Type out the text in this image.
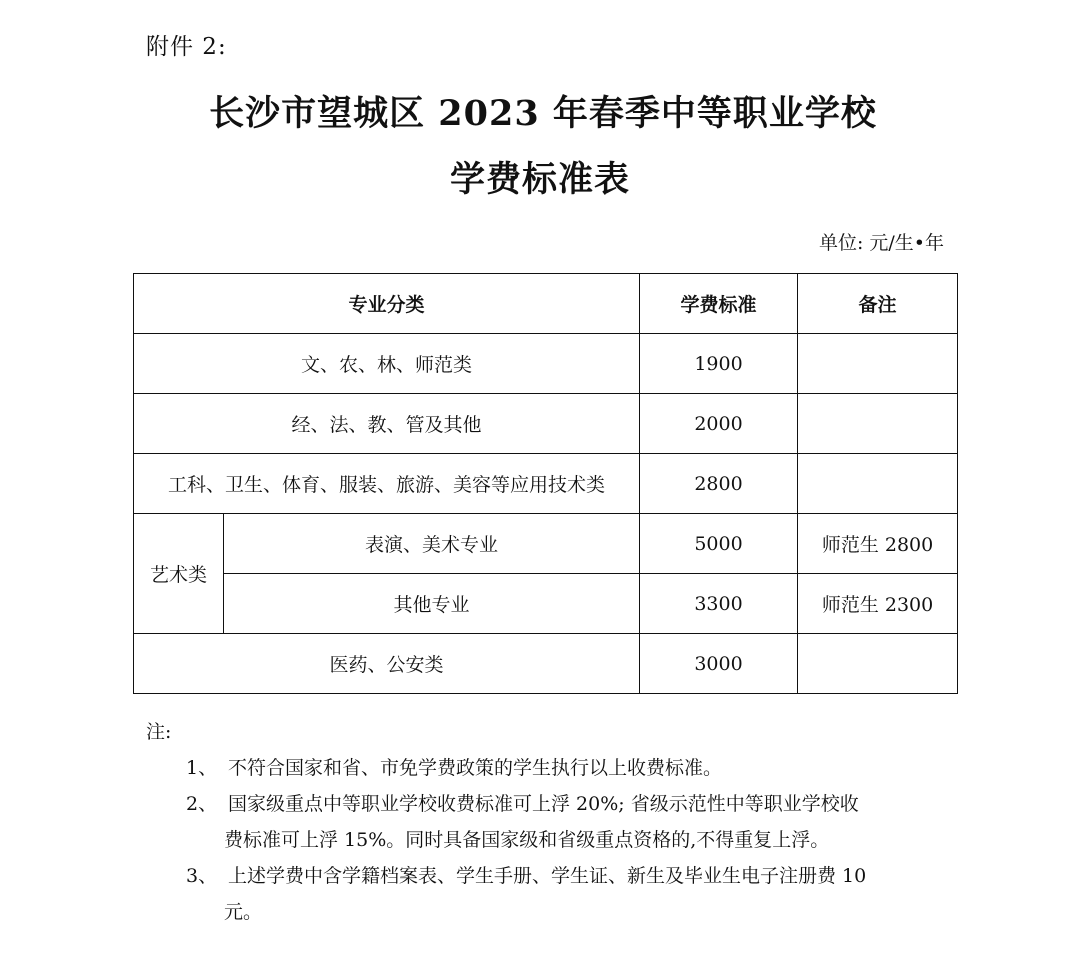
附件 2:
长沙市望城区 2023 年春季中等职业学校
学费标准表
单位: 元/生•年
专业分类		学费标准	备注
文、农、林、师范类		1900	
经、法、教、管及其他		2000	
工科、卫生、体育、服装、旅游、美容等应用技术类		2800	
艺术类	表演、美术专业	5000	师范生 2800
	其他专业	3300	师范生 2300
医药、公安类		3000	
注:
1、 不符合国家和省、市免学费政策的学生执行以上收费标准。
2、 国家级重点中等职业学校收费标准可上浮 20%; 省级示范性中等职业学校收
费标准可上浮 15%。同时具备国家级和省级重点资格的,不得重复上浮。
3、 上述学费中含学籍档案表、学生手册、学生证、新生及毕业生电子注册费 10
元。
